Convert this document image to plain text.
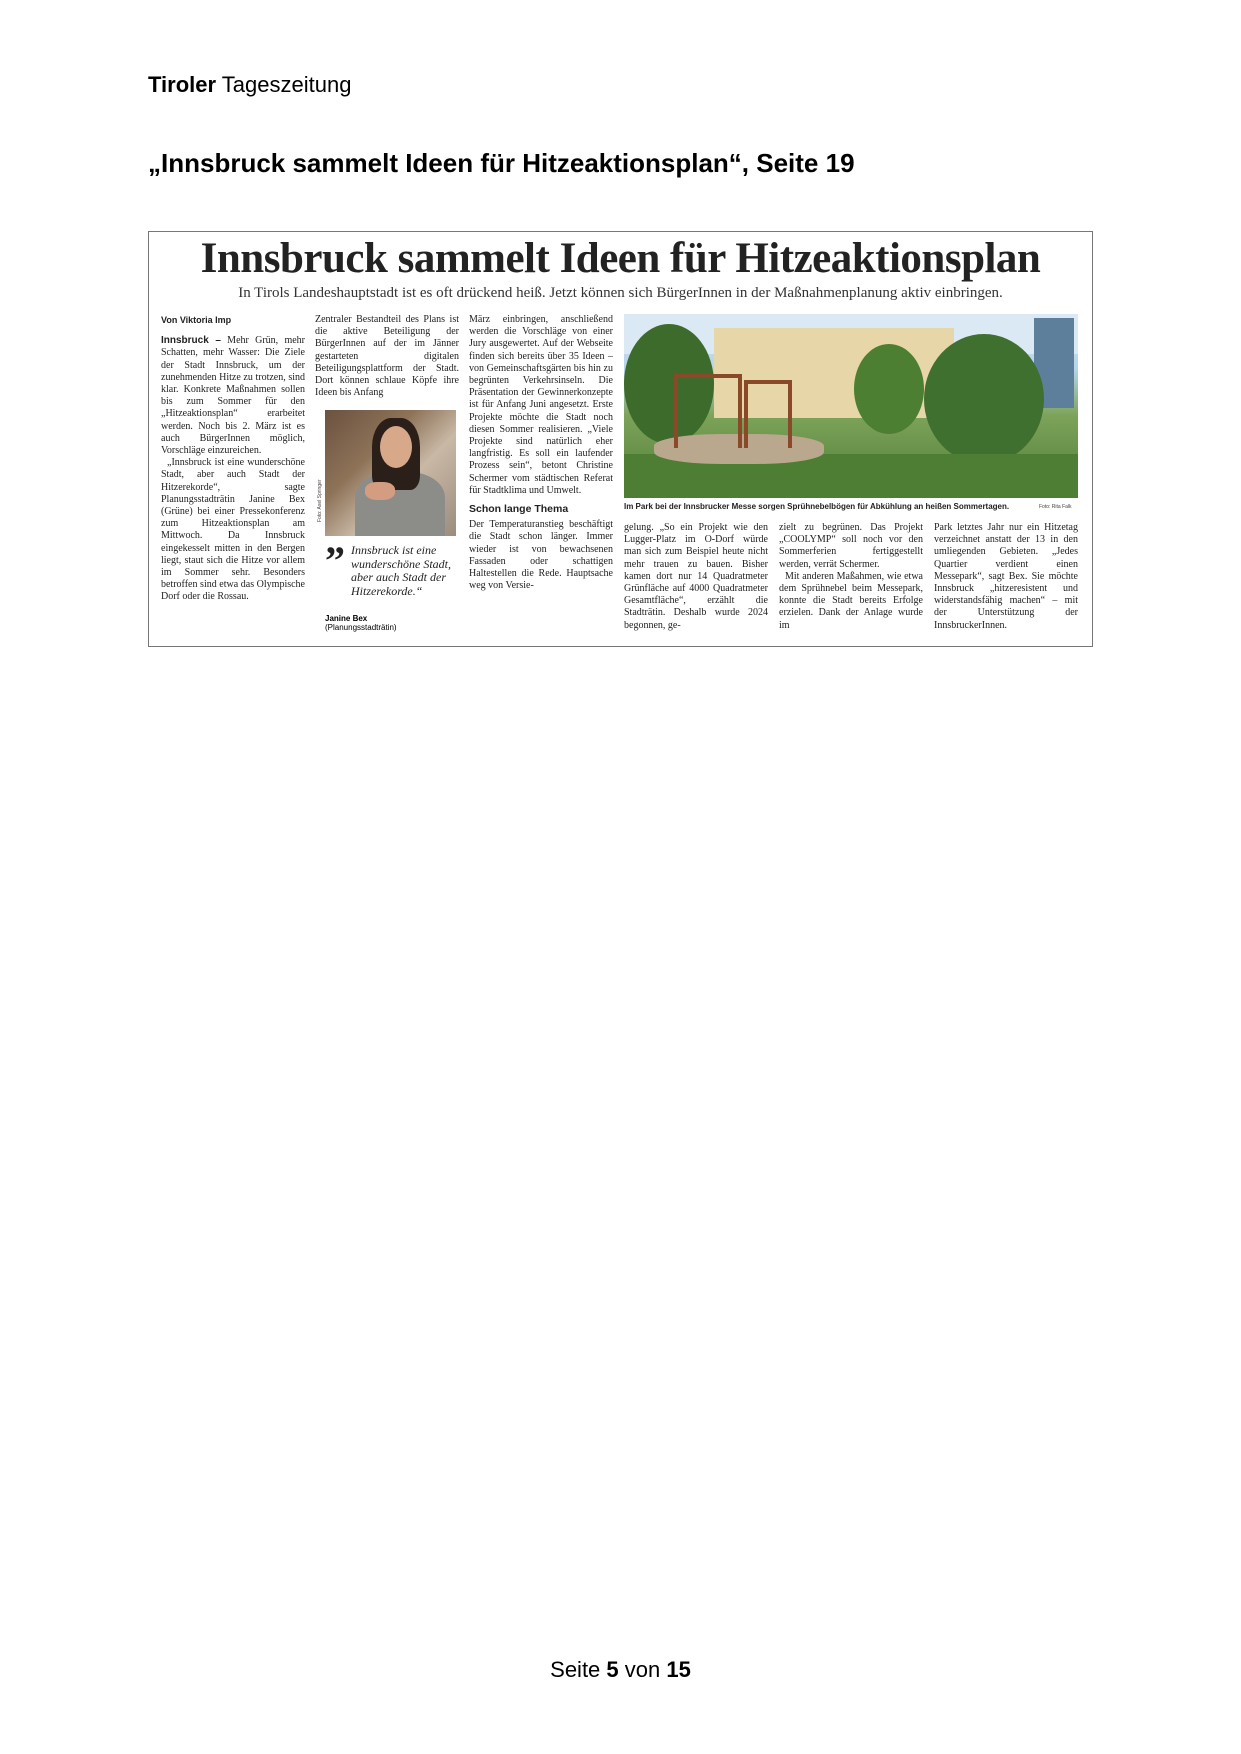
Tiroler Tageszeitung
„Innsbruck sammelt Ideen für Hitzeaktionsplan“, Seite 19
Innsbruck sammelt Ideen für Hitzeaktionsplan
In Tirols Landeshauptstadt ist es oft drückend heiß. Jetzt können sich BürgerInnen in der Maßnahmenplanung aktiv einbringen.
Von Viktoria Imp

Innsbruck – Mehr Grün, mehr Schatten, mehr Wasser: Die Ziele der Stadt Innsbruck, um der zunehmenden Hitze zu trotzen, sind klar. Konkrete Maßnahmen sollen bis zum Sommer für den „Hitzeaktionsplan“ erarbeitet werden. Noch bis 2. März ist es auch BürgerInnen möglich, Vorschläge einzureichen.

„Innsbruck ist eine wunderschöne Stadt, aber auch Stadt der Hitzerekorde“, sagte Planungsstadträtin Janine Bex (Grüne) bei einer Pressekonferenz zum Hitzeaktionsplan am Mittwoch. Da Innsbruck eingekesselt mitten in den Bergen liegt, staut sich die Hitze vor allem im Sommer sehr. Besonders betroffen sind etwa das Olympische Dorf oder die Rossau.

Zentraler Bestandteil des Plans ist die aktive Beteiligung der BürgerInnen auf der im Jänner gestarteten digitalen Beteiligungsplattform der Stadt. Dort können schlaue Köpfe ihre Ideen bis Anfang

Foto: Axel Springer
” Innsbruck ist eine wunderschöne Stadt, aber auch Stadt der Hitzerekorde.“
Janine Bex
(Planungsstadträtin)

März einbringen, anschließend werden die Vorschläge von einer Jury ausgewertet. Auf der Webseite finden sich bereits über 35 Ideen – von Gemeinschaftsgärten bis hin zu begrünten Verkehrsinseln. Die Präsentation der Gewinnerkonzepte ist für Anfang Juni angesetzt. Erste Projekte möchte die Stadt noch diesen Sommer realisieren. „Viele Projekte sind natürlich eher langfristig. Es soll ein laufender Prozess sein“, betont Christine Schermer vom städtischen Referat für Stadtklima und Umwelt.

Schon lange Thema

Der Temperaturanstieg beschäftigt die Stadt schon länger. Immer wieder ist von bewachsenen Fassaden oder schattigen Haltestellen die Rede. Hauptsache weg von Versie-

Im Park bei der Innsbrucker Messe sorgen Sprühnebelbögen für Abkühlung an heißen Sommertagen.	Foto: Rita Falk

gelung. „So ein Projekt wie den Lugger-Platz im O-Dorf würde man sich zum Beispiel heute nicht mehr trauen zu bauen. Bisher kamen dort nur 14 Quadratmeter Grünfläche auf 4000 Quadratmeter Gesamtfläche“, erzählt die Stadträtin. Deshalb wurde 2024 begonnen, ge-

zielt zu begrünen. Das Projekt „COOLYMP“ soll noch vor den Sommerferien fertiggestellt werden, verrät Schermer.

Mit anderen Maßahmen, wie etwa dem Sprühnebel beim Messepark, konnte die Stadt bereits Erfolge erzielen. Dank der Anlage wurde im

Park letztes Jahr nur ein Hitzetag verzeichnet anstatt der 13 in den umliegenden Gebieten. „Jedes Quartier verdient einen Messepark“, sagt Bex. Sie möchte Innsbruck „hitzeresistent und widerstandsfähig machen“ – mit der Unterstützung der InnsbruckerInnen.

Seite 5 von 15
